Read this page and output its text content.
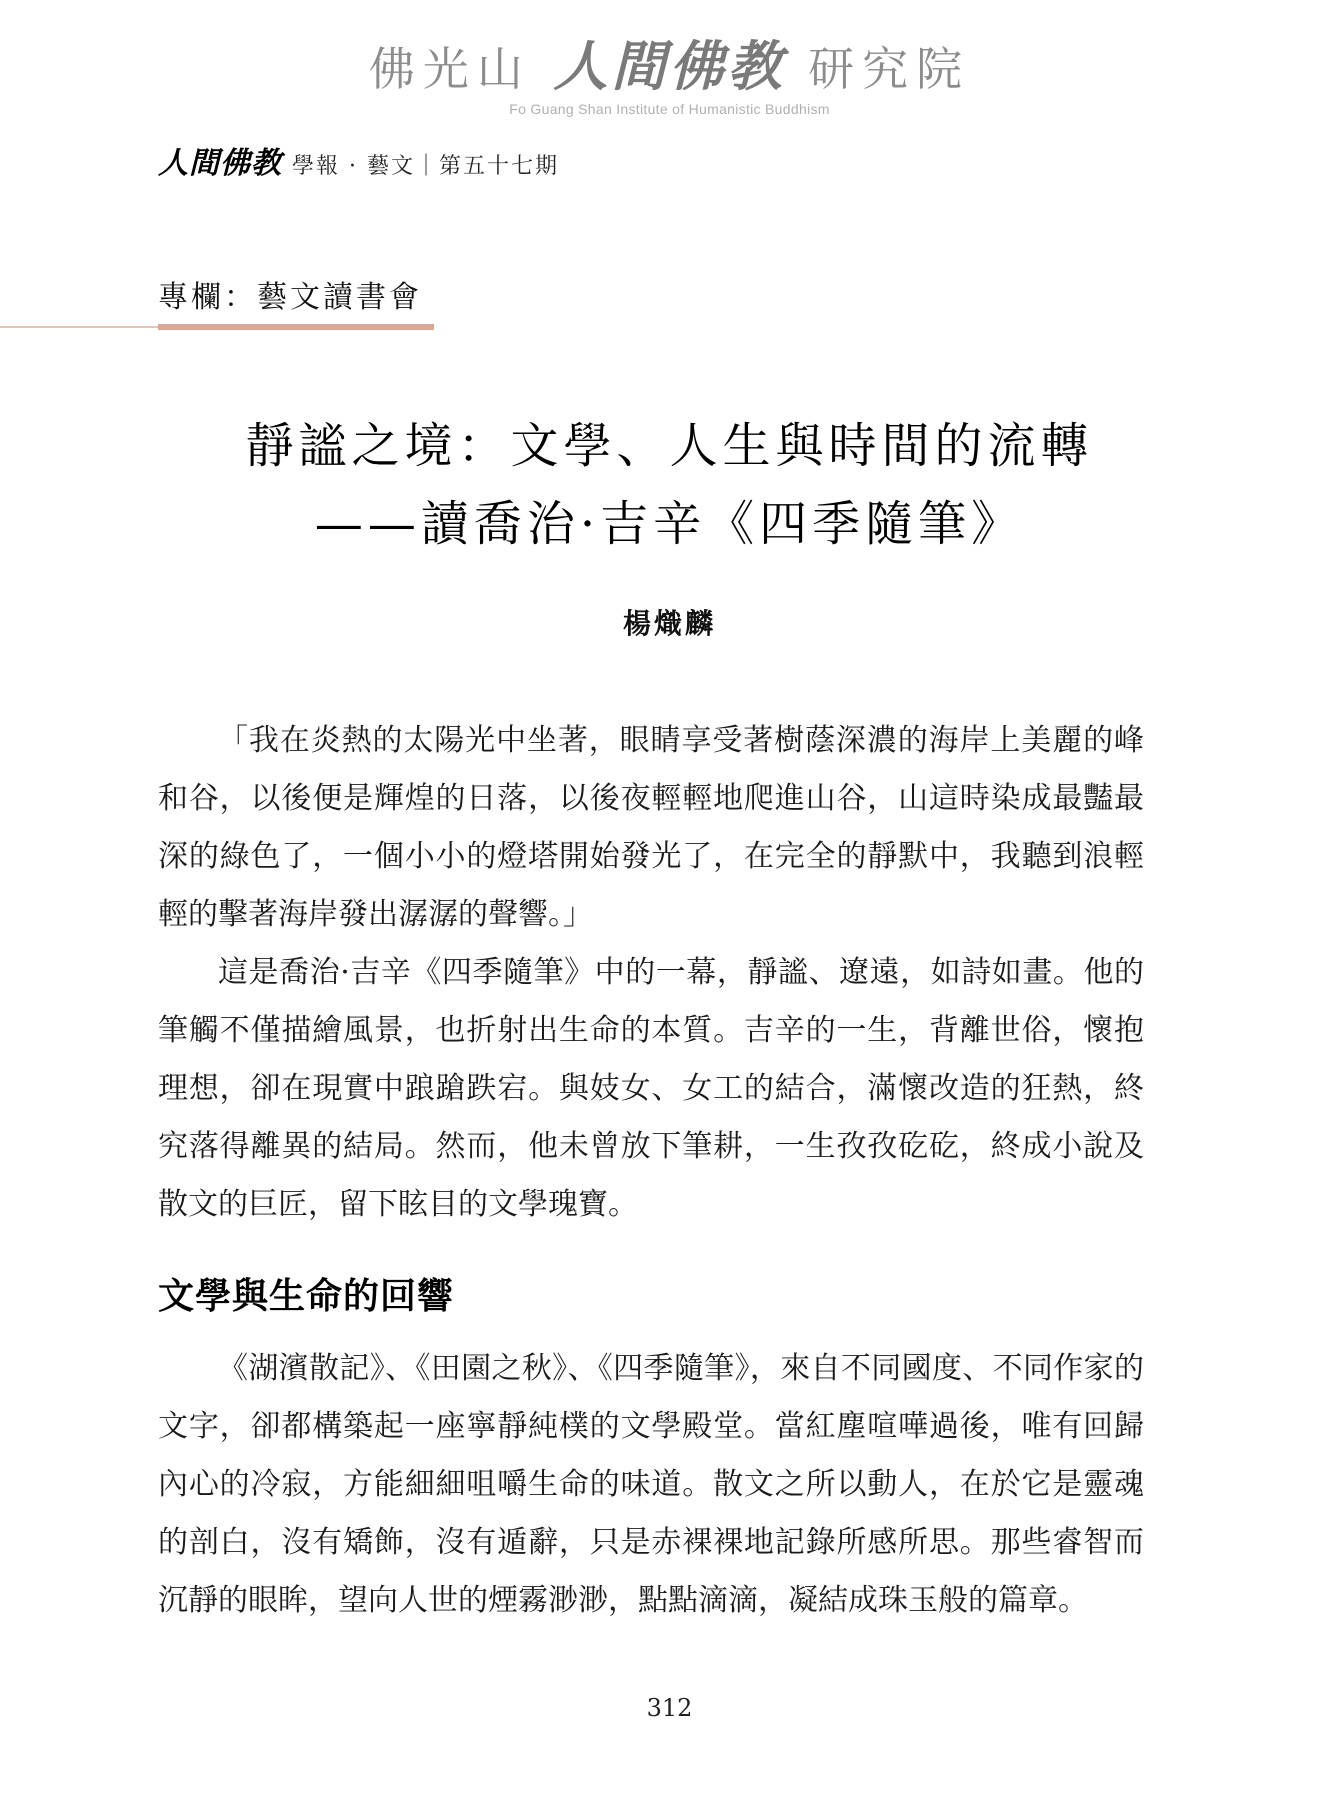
佛光山 人間佛教 研究院
Fo Guang Shan Institute of Humanistic Buddhism
人間佛教 學報 · 藝文｜第五十七期
專欄：藝文讀書會
靜謐之境：文學、人生與時間的流轉
——讀喬治·吉辛《四季隨筆》
楊熾麟

「我在炎熱的太陽光中坐著，眼睛享受著樹蔭深濃的海岸上美麗的峰和谷，以後便是輝煌的日落，以後夜輕輕地爬進山谷，山這時染成最豔最深的綠色了，一個小小的燈塔開始發光了，在完全的靜默中，我聽到浪輕輕的擊著海岸發出潺潺的聲響。」

這是喬治·吉辛《四季隨筆》中的一幕，靜謐、遼遠，如詩如畫。他的筆觸不僅描繪風景，也折射出生命的本質。吉辛的一生，背離世俗，懷抱理想，卻在現實中踉蹌跌宕。與妓女、女工的結合，滿懷改造的狂熱，終究落得離異的結局。然而，他未曾放下筆耕，一生孜孜矻矻，終成小說及散文的巨匠，留下眩目的文學瑰寶。

文學與生命的回響

《湖濱散記》、《田園之秋》、《四季隨筆》，來自不同國度、不同作家的文字，卻都構築起一座寧靜純樸的文學殿堂。當紅塵喧嘩過後，唯有回歸內心的冷寂，方能細細咀嚼生命的味道。散文之所以動人，在於它是靈魂的剖白，沒有矯飾，沒有遁辭，只是赤裸裸地記錄所感所思。那些睿智而沉靜的眼眸，望向人世的煙霧渺渺，點點滴滴，凝結成珠玉般的篇章。

312
